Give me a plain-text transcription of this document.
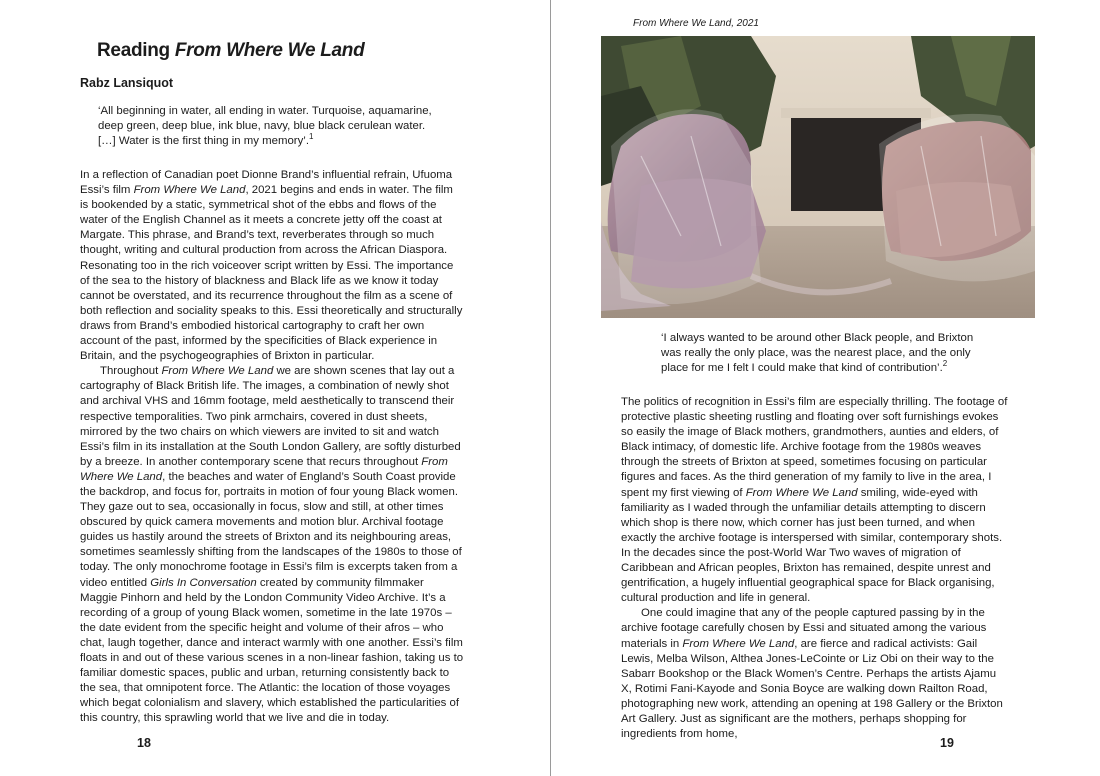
Reading From Where We Land
Rabz Lansiquot
‘All beginning in water, all ending in water. Turquoise, aquamarine, deep green, deep blue, ink blue, navy, blue black cerulean water. […] Water is the first thing in my memory’.$^1$

In a reflection of Canadian poet Dionne Brand’s influential refrain, Ufuoma Essi’s film From Where We Land, 2021 begins and ends in water. The film is bookended by a static, symmetrical shot of the ebbs and flows of the water of the English Channel as it meets a concrete jetty off the coast at Margate. This phrase, and Brand’s text, reverberates through so much thought, writing and cultural production from across the African Diaspora. Resonating too in the rich voiceover script written by Essi. The importance of the sea to the history of blackness and Black life as we know it today cannot be overstated, and its recurrence throughout the film as a scene of both reflection and sociality speaks to this. Essi theoretically and structurally draws from Brand’s embodied historical cartography to craft her own account of the past, informed by the specificities of Black experience in Britain, and the psychogeographies of Brixton in particular.

Throughout From Where We Land we are shown scenes that lay out a cartography of Black British life. The images, a combination of newly shot and archival VHS and 16mm footage, meld aesthetically to transcend their respective temporalities. Two pink armchairs, covered in dust sheets, mirrored by the two chairs on which viewers are invited to sit and watch Essi’s film in its installation at the South London Gallery, are softly disturbed by a breeze. In another contemporary scene that recurs throughout From Where We Land, the beaches and water of England’s South Coast provide the backdrop, and focus for, portraits in motion of four young Black women. They gaze out to sea, occasionally in focus, slow and still, at other times obscured by quick camera movements and motion blur. Archival footage guides us hastily around the streets of Brixton and its neighbouring areas, sometimes seamlessly shifting from the landscapes of the 1980s to those of today. The only monochrome footage in Essi’s film is excerpts taken from a video entitled Girls In Conversation created by community filmmaker Maggie Pinhorn and held by the London Community Video Archive. It’s a recording of a group of young Black women, sometime in the late 1970s – the date evident from the specific height and volume of their afros – who chat, laugh together, dance and interact warmly with one another. Essi’s film floats in and out of these various scenes in a non-linear fashion, taking us to familiar domestic spaces, public and urban, returning consistently back to the sea, that omnipotent force. The Atlantic: the location of those voyages which begat colonialism and slavery, which established the particularities of this country, this sprawling world that we live and die in today.

18
From Where We Land, 2021
‘I always wanted to be around other Black people, and Brixton was really the only place, was the nearest place, and the only place for me I felt I could make that kind of contribution’.$^2$

The politics of recognition in Essi’s film are especially thrilling. The footage of protective plastic sheeting rustling and floating over soft furnishings evokes so easily the image of Black mothers, grandmothers, aunties and elders, of Black intimacy, of domestic life. Archive footage from the 1980s weaves through the streets of Brixton at speed, sometimes focusing on particular figures and faces. As the third generation of my family to live in the area, I spent my first viewing of From Where We Land smiling, wide-eyed with familiarity as I waded through the unfamiliar details attempting to discern which shop is there now, which corner has just been turned, and when exactly the archive footage is interspersed with similar, contemporary shots. In the decades since the post-World War Two waves of migration of Caribbean and African peoples, Brixton has remained, despite unrest and gentrification, a hugely influential geographical space for Black organising, cultural production and life in general.

One could imagine that any of the people captured passing by in the archive footage carefully chosen by Essi and situated among the various materials in From Where We Land, are fierce and radical activists: Gail Lewis, Melba Wilson, Althea Jones-LeCointe or Liz Obi on their way to the Sabarr Bookshop or the Black Women’s Centre. Perhaps the artists Ajamu X, Rotimi Fani-Kayode and Sonia Boyce are walking down Railton Road, photographing new work, attending an opening at 198 Gallery or the Brixton Art Gallery. Just as significant are the mothers, perhaps shopping for ingredients from home,

19
